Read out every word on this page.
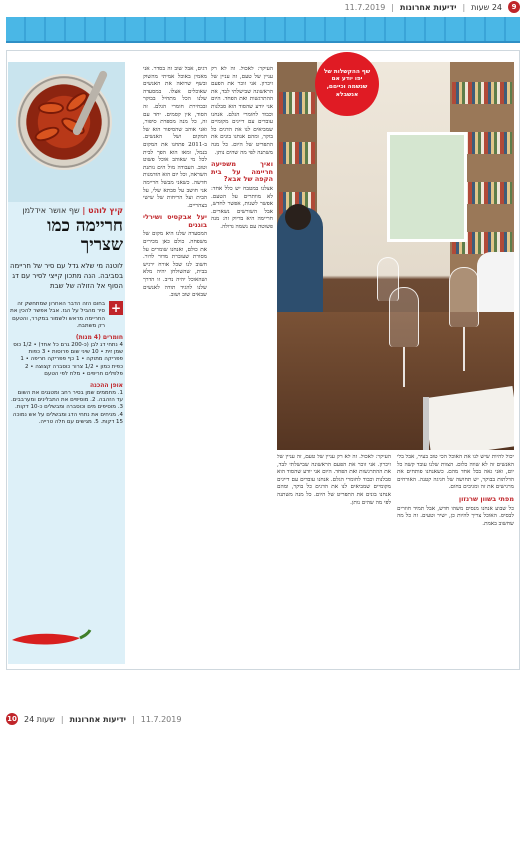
9
24 שעות
|
ידיעות אחרונות
|
11.7.2019
קיץ לוהט | שף אושר אידלמן
חריימה כמו שצריך
לוטנה מי שלא גדל עם סיר של חריימה בסביבה. הנה מתכון קייצי לסיר עם דג הסוף אל הזולה של שבת
+
בחום הזה הדבר האחרון שמתחשק זה סיר מהביל על הגז. אבל אפשר להכין את החריימה מראש ולשמור במקרר, והטעם רק משתבח.
חומרים (4 מנות)
4 נתחי דג לבן (כ-200 גרם כל אחד) • 1/2 כוס שמן זית • 10 שיני שום פרוסות • 3 כפות פפריקה מתוקה • 1 כף פפריקה חריפה • 1 כפית כמון • 1/2 צרור כוסברה קצוצה • 2 פלפלים חריפים • מלח לפי הטעם
אופן ההכנה
1. מחממים שמן בסיר רחב ומטגנים את השום עד הזהבה. 2. מוסיפים את התבלינים ומערבבים. 3. מוסיפים מים וכוסברה ומבשלים כ-10 דקות. 4. מניחים את נתחי הדג ומבשלים על אש נמוכה 15 דקות. 5. מגישים עם חלה טרייה.

דגים, אבל שוב זה בסדר. אני מאמין באוכל אמיתי מהשוק ובשף שרואה את האנשים שאוכלים אצלו. במסעדה שלנו הכל מתחיל בבוקר ובבחירת חומרי הגלם. זה הסוד, אין קסמים. יחד עם זה, כל מנה מספרת סיפור, ואני אוהב שהסיפור הוא של המקום ושל האנשים. ב-2011 פתחנו את המקום בנמל, ומאז הוא הפך לבית לכל מי שאוהב אוכל פשוט וטוב. העבודה מול הים נותנת השראה, וכל יום הוא הזדמנות חדשה. כשאני מבשל חריימה אני חושב על סבתא שלי, על הבית ועל הריחות של שישי בצהריים.

יעל אבקסיס ושירלי בוגנים

המסעדה שלנו היא מקום של משפחה. כולם כאן מכירים את כולם, ואנחנו שומרים על מסורת שעוברת מדור לדור. חשוב לנו שכל אורח ירגיש בבית, שהשולחן יהיה מלא ושהאוכל יהיה נדיב. זו הדרך שלנו להגיד תודה לאנשים שבאים שוב ושוב.

העיקר: לאכול. זה לא רק עניין של טעם, זה עניין של זיכרון. אני זוכר את הפעם הראשונה שבישלתי לבד, את ההתרגשות ואת הפחד. היום אני יודע שהסוד הוא סבלנות וכבוד לחומרי הגלם. אנחנו עובדים עם דייגים מקומיים שמביאים לנו את הדגים כל בוקר, ומהם אנחנו בונים את התפריט של היום. כל מנה משתנה לפי מה שהים נותן.

ואיך משפיעה חריימה על בית הקפה של אבא?

אצלנו במטבח יש כלל אחד: לא מוותרים על הטעם. אפשר לשנות, אפשר לחדש, אבל השורשים נשארים. חריימה היא בדיוק זה: מנה פשוטה עם נשמה גדולה.

העיקר: לאכול. זה לא רק עניין של טעם, זה עניין של זיכרון. אני זוכר את הפעם הראשונה שבישלתי לבד, את ההתרגשות ואת הפחד. היום אני יודע שהסוד הוא סבלנות וכבוד לחומרי הגלם. אנחנו עובדים עם דייגים מקומיים שמביאים לנו את הדגים כל בוקר, ומהם אנחנו בונים את התפריט של היום. כל מנה משתנה לפי מה שהים נותן.

יכול להיות שיש לנו את האוכל הכי טוב בעיר, אבל בלי האנשים זה לא שווה כלום. הצוות שלנו עובד קשה כל יום, ואני גאה בכל אחד מהם. כשאנחנו פותחים את הדלתות בבוקר, יש תחושה של חגיגה קטנה. האורחים מרגישים את זה ומגיבים בחום.

מפתי בשוון שרנזון

כל שבוע אנחנו מנסים משהו חדש, אבל תמיד חוזרים לבסיס. האוכל צריך להיות כן, ישיר וטעים. זה כל מה שחשוב באמת.

שף ההקשלות של יפו יודע אם שנשמה וכייםם, אנשבלא
10 24 שעות | ידיעות אחרונות | 11.7.2019
